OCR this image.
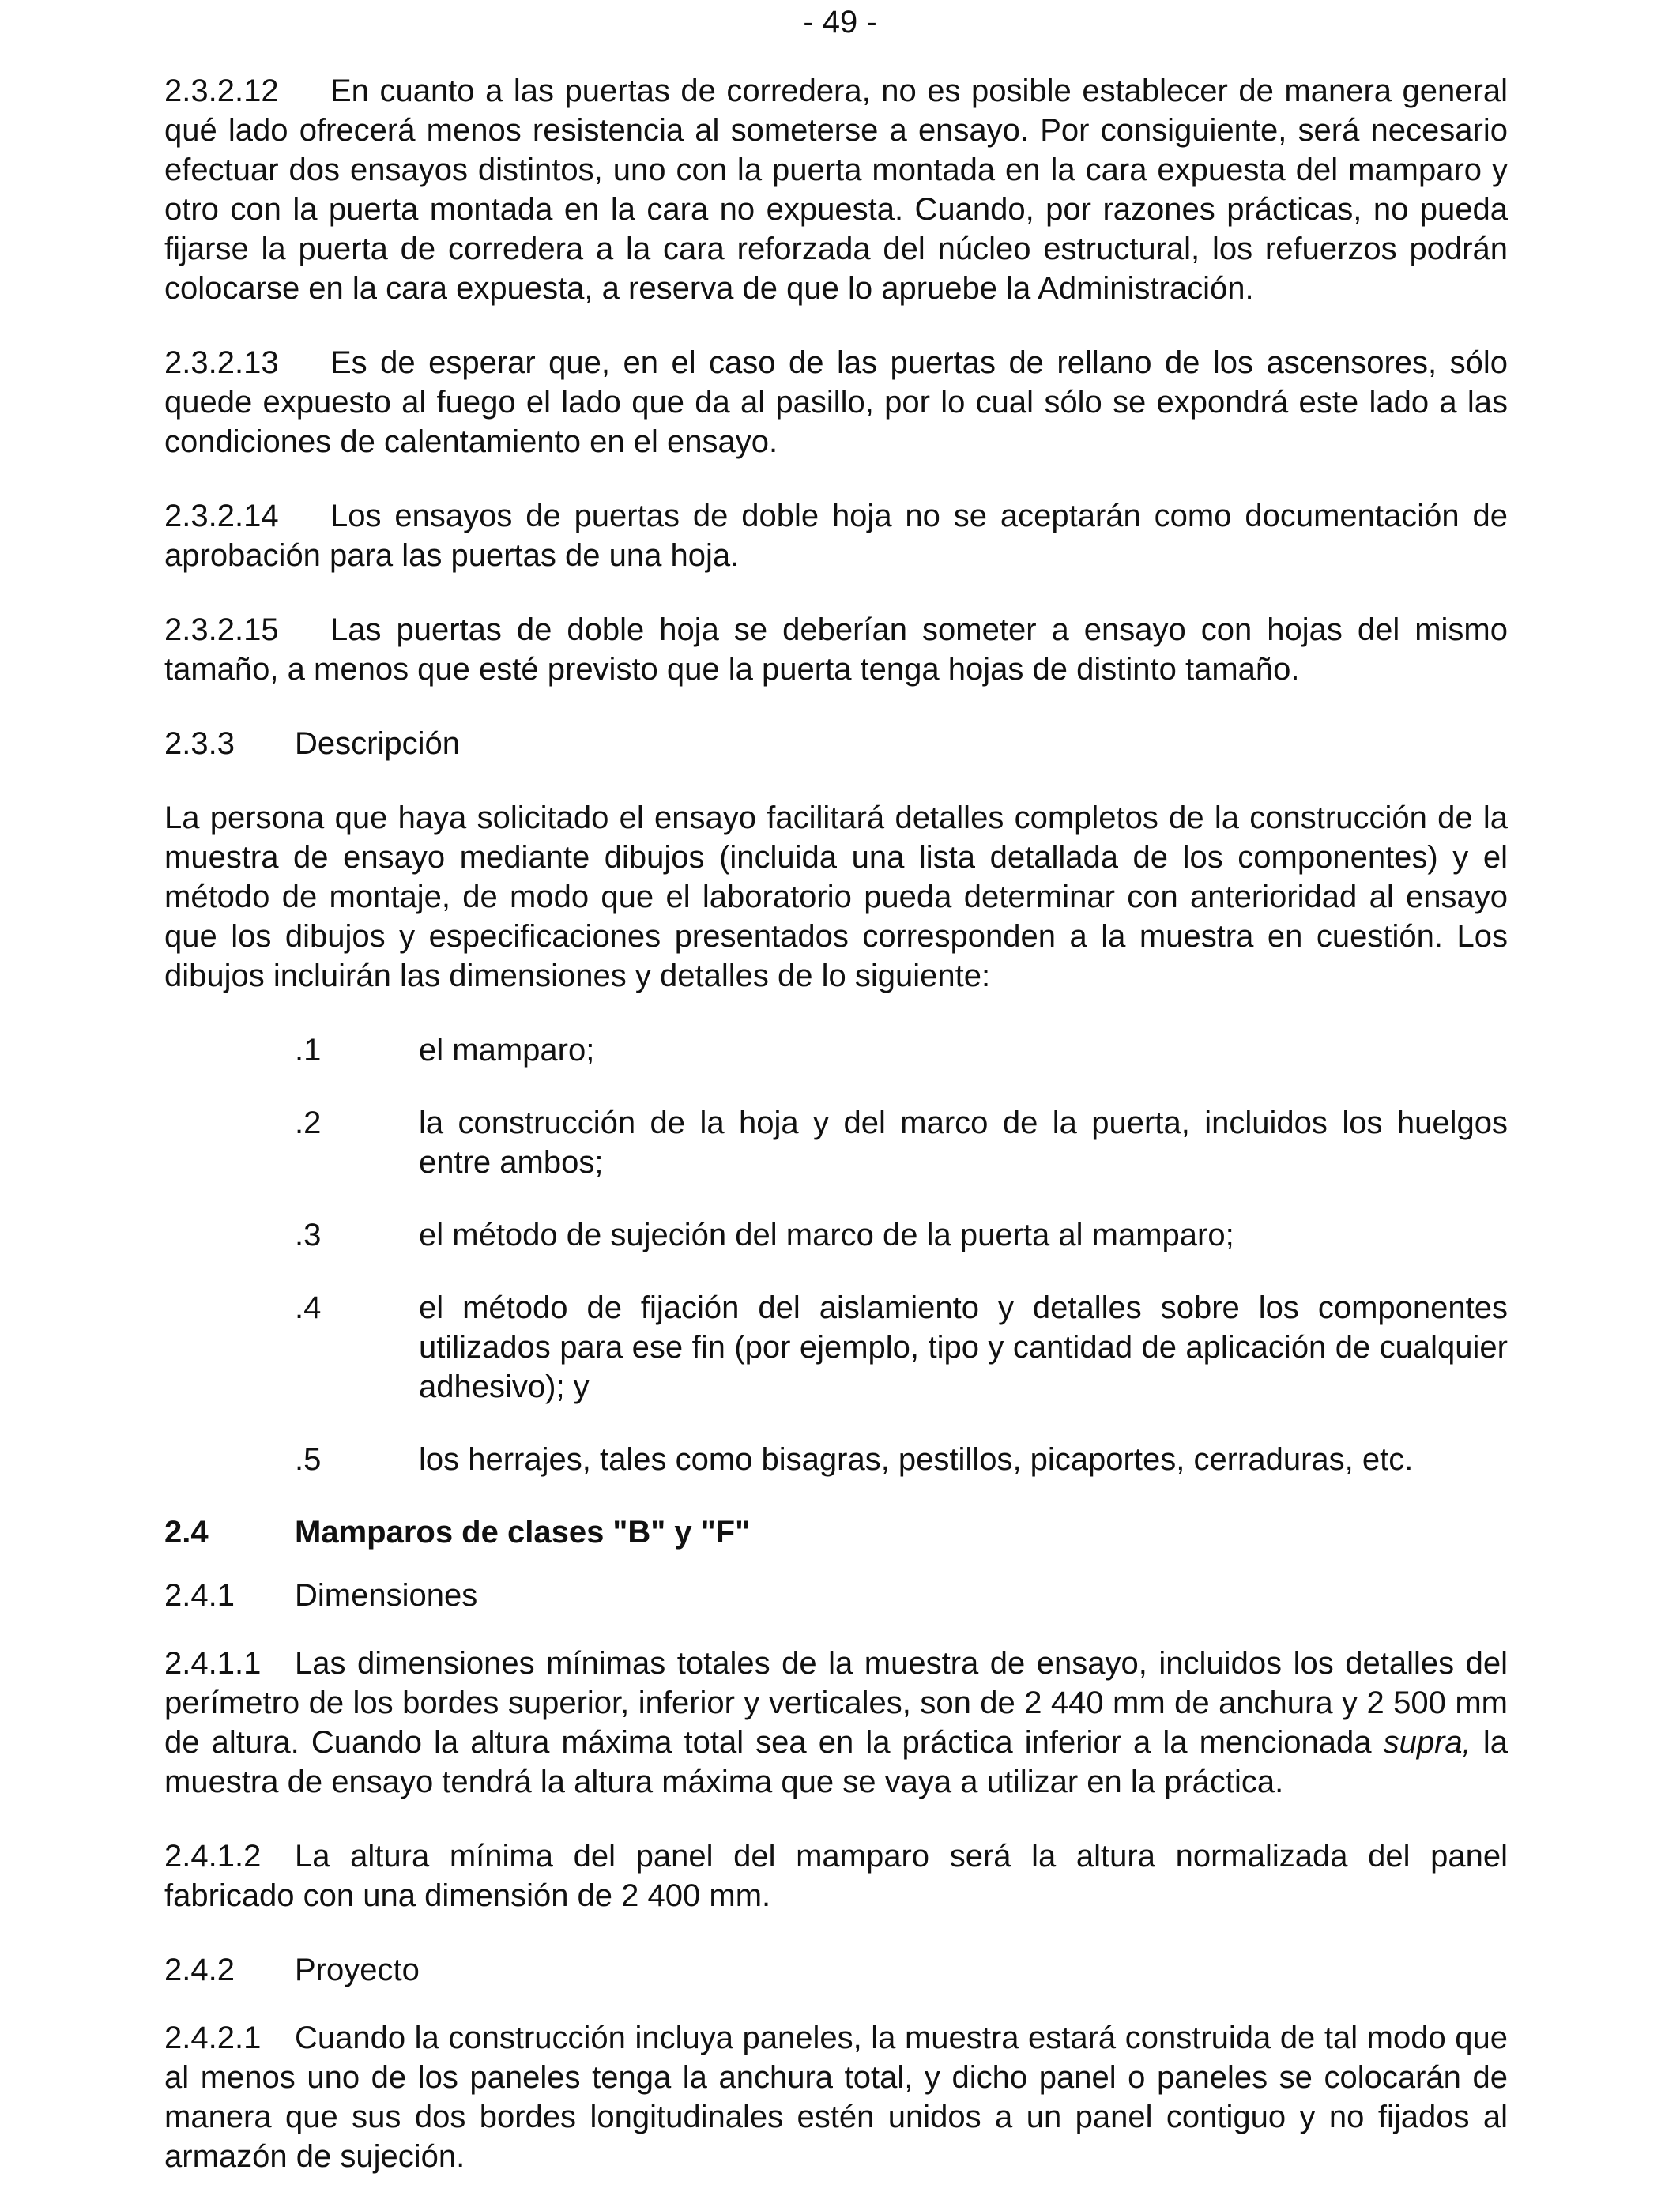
- 49 -

2.3.2.12 En cuanto a las puertas de corredera, no es posible establecer de manera general qué lado ofrecerá menos resistencia al someterse a ensayo. Por consiguiente, será necesario efectuar dos ensayos distintos, uno con la puerta montada en la cara expuesta del mamparo y otro con la puerta montada en la cara no expuesta. Cuando, por razones prácticas, no pueda fijarse la puerta de corredera a la cara reforzada del núcleo estructural, los refuerzos podrán colocarse en la cara expuesta, a reserva de que lo apruebe la Administración.

2.3.2.13 Es de esperar que, en el caso de las puertas de rellano de los ascensores, sólo quede expuesto al fuego el lado que da al pasillo, por lo cual sólo se expondrá este lado a las condiciones de calentamiento en el ensayo.

2.3.2.14 Los ensayos de puertas de doble hoja no se aceptarán como documentación de aprobación para las puertas de una hoja.

2.3.2.15 Las puertas de doble hoja se deberían someter a ensayo con hojas del mismo tamaño, a menos que esté previsto que la puerta tenga hojas de distinto tamaño.

2.3.3 Descripción

La persona que haya solicitado el ensayo facilitará detalles completos de la construcción de la muestra de ensayo mediante dibujos (incluida una lista detallada de los componentes) y el método de montaje, de modo que el laboratorio pueda determinar con anterioridad al ensayo que los dibujos y especificaciones presentados corresponden a la muestra en cuestión. Los dibujos incluirán las dimensiones y detalles de lo siguiente:

.1	el mamparo;
.2	la construcción de la hoja y del marco de la puerta, incluidos los huelgos entre ambos;
.3	el método de sujeción del marco de la puerta al mamparo;
.4	el método de fijación del aislamiento y detalles sobre los componentes utilizados para ese fin (por ejemplo, tipo y cantidad de aplicación de cualquier adhesivo); y
.5	los herrajes, tales como bisagras, pestillos, picaportes, cerraduras, etc.

2.4	Mamparos de clases "B" y "F"

2.4.1 Dimensiones

2.4.1.1 Las dimensiones mínimas totales de la muestra de ensayo, incluidos los detalles del perímetro de los bordes superior, inferior y verticales, son de 2 440 mm de anchura y 2 500 mm de altura. Cuando la altura máxima total sea en la práctica inferior a la mencionada supra, la muestra de ensayo tendrá la altura máxima que se vaya a utilizar en la práctica.

2.4.1.2 La altura mínima del panel del mamparo será la altura normalizada del panel fabricado con una dimensión de 2 400 mm.

2.4.2 Proyecto

2.4.2.1 Cuando la construcción incluya paneles, la muestra estará construida de tal modo que al menos uno de los paneles tenga la anchura total, y dicho panel o paneles se colocarán de manera que sus dos bordes longitudinales estén unidos a un panel contiguo y no fijados al armazón de sujeción.
